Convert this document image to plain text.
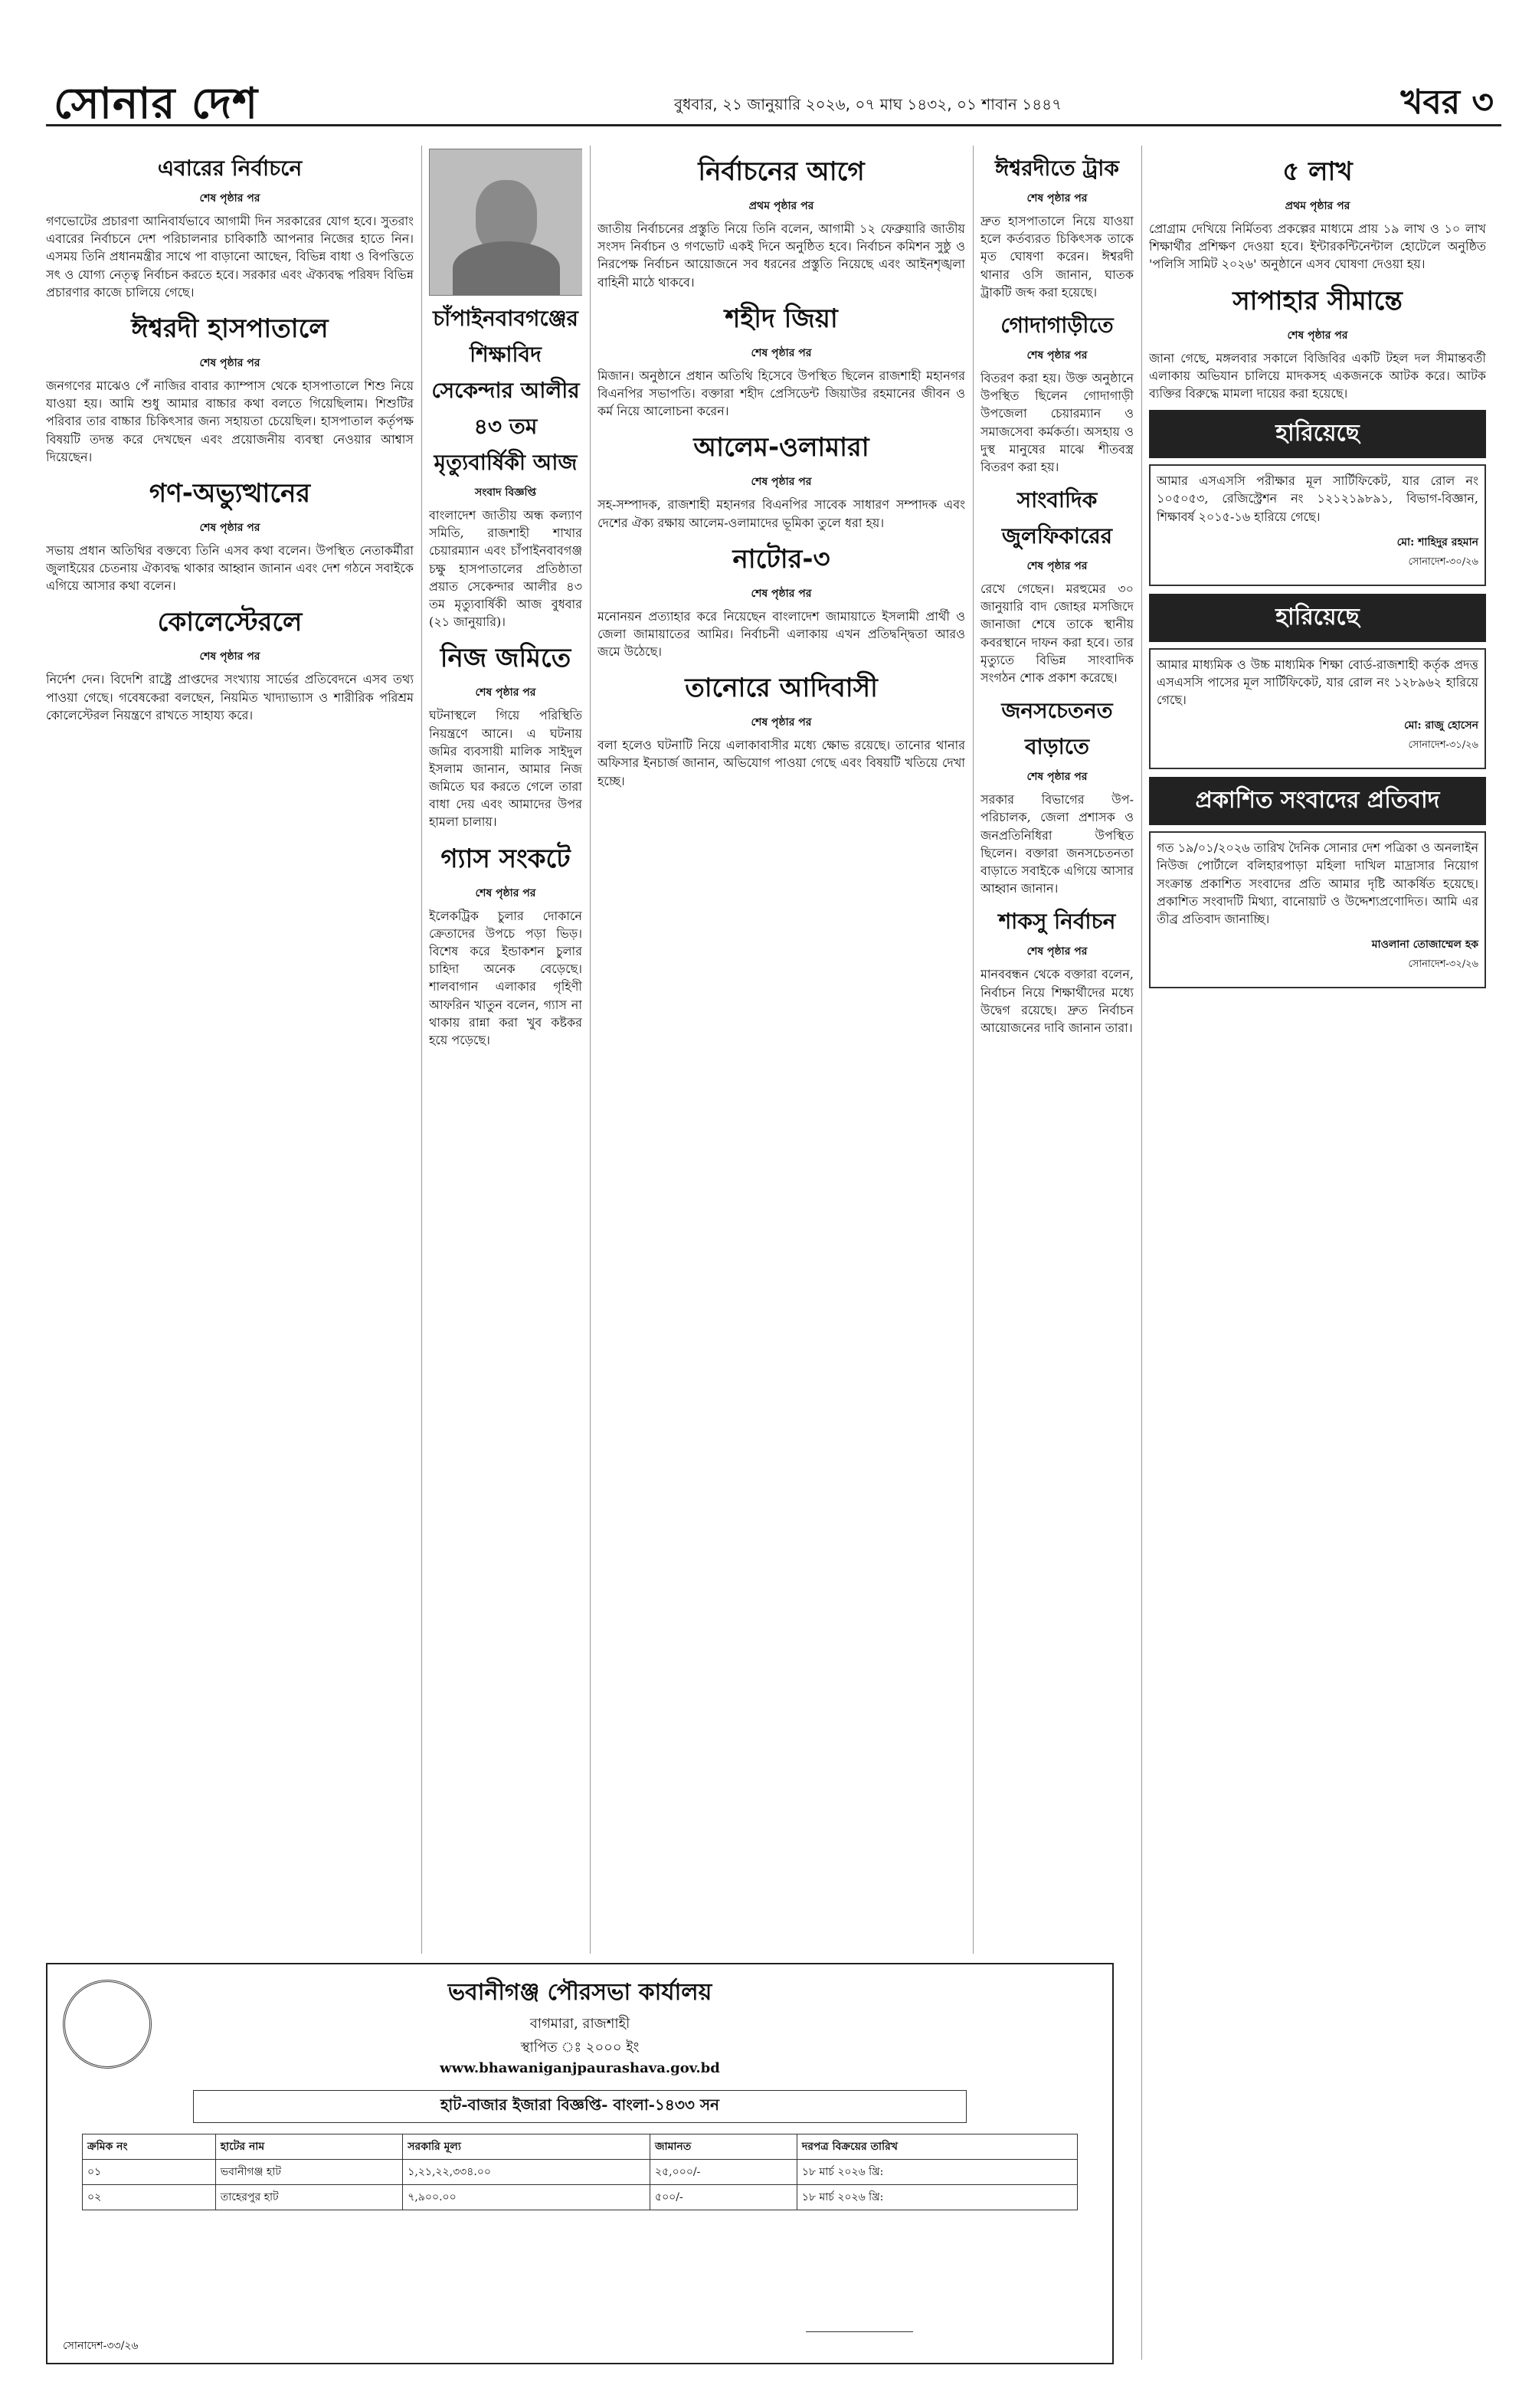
সোনার দেশ	বুধবার, ২১ জানুয়ারি ২০২৬, ০৭ মাঘ ১৪৩২, ০১ শাবান ১৪৪৭	খবর ৩
এবারের নির্বাচনে
শেষ পৃষ্ঠার পর

গণভোটের প্রচারণা আনিবার্যভাবে আগামী দিন সরকারের যোগ হবে। সুতরাং এবারের নির্বাচনে দেশ পরিচালনার চাবিকাঠি আপনার নিজের হাতে নিন। এসময় তিনি প্রধানমন্ত্রীর সাথে পা বাড়ানো আছেন, বিভিন্ন বাধা ও বিপত্তিতে সৎ ও যোগ্য নেতৃত্ব নির্বাচন করতে হবে। সরকার এবং ঐক্যবদ্ধ পরিষদ বিভিন্ন প্রচারণার কাজে চালিয়ে গেছে।

ঈশ্বরদী হাসপাতালে
শেষ পৃষ্ঠার পর

জনগণের মাঝেও পেঁ নাজির বাবার ক্যাম্পাস থেকে হাসপাতালে শিশু নিয়ে যাওয়া হয়। আমি শুধু আমার বাচ্চার কথা বলতে গিয়েছিলাম। শিশুটির পরিবার তার বাচ্চার চিকিৎসার জন্য সহায়তা চেয়েছিল। হাসপাতাল কর্তৃপক্ষ বিষয়টি তদন্ত করে দেখছেন এবং প্রয়োজনীয় ব্যবস্থা নেওয়ার আশ্বাস দিয়েছেন।

গণ-অভ্যুত্থানের
শেষ পৃষ্ঠার পর

সভায় প্রধান অতিথির বক্তব্যে তিনি এসব কথা বলেন। উপস্থিত নেতাকর্মীরা জুলাইয়ের চেতনায় ঐক্যবদ্ধ থাকার আহ্বান জানান এবং দেশ গঠনে সবাইকে এগিয়ে আসার কথা বলেন।

কোলেস্টেরলে
শেষ পৃষ্ঠার পর

নির্দেশ দেন। বিদেশি রাষ্ট্রে প্রাপ্তদের সংখ্যায় সার্ভের প্রতিবেদনে এসব তথ্য পাওয়া গেছে। গবেষকেরা বলছেন, নিয়মিত খাদ্যাভ্যাস ও শারীরিক পরিশ্রম কোলেস্টেরল নিয়ন্ত্রণে রাখতে সাহায্য করে।

চাঁপাইনবাবগঞ্জের শিক্ষাবিদ সেকেন্দার আলীর ৪৩ তম মৃত্যুবার্ষিকী আজ
সংবাদ বিজ্ঞপ্তি

বাংলাদেশ জাতীয় অন্ধ কল্যাণ সমিতি, রাজশাহী শাখার চেয়ারম্যান এবং চাঁপাইনবাবগঞ্জ চক্ষু হাসপাতালের প্রতিষ্ঠাতা প্রয়াত সেকেন্দার আলীর ৪৩ তম মৃত্যুবার্ষিকী আজ বুধবার (২১ জানুয়ারি)।

নিজ জমিতে
শেষ পৃষ্ঠার পর

ঘটনাস্থলে গিয়ে পরিস্থিতি নিয়ন্ত্রণে আনে। এ ঘটনায় জমির ব্যবসায়ী মালিক সাইদুল ইসলাম জানান, আমার নিজ জমিতে ঘর করতে গেলে তারা বাধা দেয় এবং আমাদের উপর হামলা চালায়।

গ্যাস সংকটে
শেষ পৃষ্ঠার পর

ইলেকট্রিক চুলার দোকানে ক্রেতাদের উপচে পড়া ভিড়। বিশেষ করে ইন্ডাকশন চুলার চাহিদা অনেক বেড়েছে। শালবাগান এলাকার গৃহিণী আফরিন খাতুন বলেন, গ্যাস না থাকায় রান্না করা খুব কষ্টকর হয়ে পড়েছে।

নির্বাচনের আগে
প্রথম পৃষ্ঠার পর

জাতীয় নির্বাচনের প্রস্তুতি নিয়ে তিনি বলেন, আগামী ১২ ফেব্রুয়ারি জাতীয় সংসদ নির্বাচন ও গণভোট একই দিনে অনুষ্ঠিত হবে। নির্বাচন কমিশন সুষ্ঠু ও নিরপেক্ষ নির্বাচন আয়োজনে সব ধরনের প্রস্তুতি নিয়েছে এবং আইনশৃঙ্খলা বাহিনী মাঠে থাকবে।

শহীদ জিয়া
শেষ পৃষ্ঠার পর

মিজান। অনুষ্ঠানে প্রধান অতিথি হিসেবে উপস্থিত ছিলেন রাজশাহী মহানগর বিএনপির সভাপতি। বক্তারা শহীদ প্রেসিডেন্ট জিয়াউর রহমানের জীবন ও কর্ম নিয়ে আলোচনা করেন।

আলেম-ওলামারা
শেষ পৃষ্ঠার পর

সহ-সম্পাদক, রাজশাহী মহানগর বিএনপির সাবেক সাধারণ সম্পাদক এবং দেশের ঐক্য রক্ষায় আলেম-ওলামাদের ভূমিকা তুলে ধরা হয়।

নাটোর-৩
শেষ পৃষ্ঠার পর

মনোনয়ন প্রত্যাহার করে নিয়েছেন বাংলাদেশ জামায়াতে ইসলামী প্রার্থী ও জেলা জামায়াতের আমির। নির্বাচনী এলাকায় এখন প্রতিদ্বন্দ্বিতা আরও জমে উঠেছে।

তানোরে আদিবাসী
শেষ পৃষ্ঠার পর

বলা হলেও ঘটনাটি নিয়ে এলাকাবাসীর মধ্যে ক্ষোভ রয়েছে। তানোর থানার অফিসার ইনচার্জ জানান, অভিযোগ পাওয়া গেছে এবং বিষয়টি খতিয়ে দেখা হচ্ছে।

ঈশ্বরদীতে ট্রাক
শেষ পৃষ্ঠার পর

দ্রুত হাসপাতালে নিয়ে যাওয়া হলে কর্তব্যরত চিকিৎসক তাকে মৃত ঘোষণা করেন। ঈশ্বরদী থানার ওসি জানান, ঘাতক ট্রাকটি জব্দ করা হয়েছে।

গোদাগাড়ীতে
শেষ পৃষ্ঠার পর

বিতরণ করা হয়। উক্ত অনুষ্ঠানে উপস্থিত ছিলেন গোদাগাড়ী উপজেলা চেয়ারম্যান ও সমাজসেবা কর্মকর্তা। অসহায় ও দুস্থ মানুষের মাঝে শীতবস্ত্র বিতরণ করা হয়।

সাংবাদিক জুলফিকারের
শেষ পৃষ্ঠার পর

রেখে গেছেন। মরহুমের ৩০ জানুয়ারি বাদ জোহর মসজিদে জানাজা শেষে তাকে স্থানীয় কবরস্থানে দাফন করা হবে। তার মৃত্যুতে বিভিন্ন সাংবাদিক সংগঠন শোক প্রকাশ করেছে।

জনসচেতনত বাড়াতে
শেষ পৃষ্ঠার পর

সরকার বিভাগের উপ-পরিচালক, জেলা প্রশাসক ও জনপ্রতিনিধিরা উপস্থিত ছিলেন। বক্তারা জনসচেতনতা বাড়াতে সবাইকে এগিয়ে আসার আহ্বান জানান।

শাকসু নির্বাচন
শেষ পৃষ্ঠার পর

মানববন্ধন থেকে বক্তারা বলেন, নির্বাচন নিয়ে শিক্ষার্থীদের মধ্যে উদ্বেগ রয়েছে। দ্রুত নির্বাচন আয়োজনের দাবি জানান তারা।

৫ লাখ
প্রথম পৃষ্ঠার পর

প্রোগ্রাম দেখিয়ে নির্মিতব্য প্রকল্পের মাধ্যমে প্রায় ১৯ লাখ ও ১০ লাখ শিক্ষার্থীর প্রশিক্ষণ দেওয়া হবে। ইন্টারকন্টিনেন্টাল হোটেলে অনুষ্ঠিত 'পলিসি সামিট ২০২৬' অনুষ্ঠানে এসব ঘোষণা দেওয়া হয়।

সাপাহার সীমান্তে
শেষ পৃষ্ঠার পর

জানা গেছে, মঙ্গলবার সকালে বিজিবির একটি টহল দল সীমান্তবর্তী এলাকায় অভিযান চালিয়ে মাদকসহ একজনকে আটক করে। আটক ব্যক্তির বিরুদ্ধে মামলা দায়ের করা হয়েছে।

হারিয়েছে

আমার এসএসসি পরীক্ষার মূল সার্টিফিকেট, যার রোল নং ১০৫০৫৩, রেজিস্ট্রেশন নং ১২১২১৯৮৯১, বিভাগ-বিজ্ঞান, শিক্ষাবর্ষ ২০১৫-১৬ হারিয়ে গেছে।

মো: শাহিদুর রহমান
সোনাদেশ-৩০/২৬
হারিয়েছে

আমার মাধ্যমিক ও উচ্চ মাধ্যমিক শিক্ষা বোর্ড-রাজশাহী কর্তৃক প্রদত্ত এসএসসি পাসের মূল সার্টিফিকেট, যার রোল নং ১২৮৯৬২ হারিয়ে গেছে।

মো: রাজু হোসেন
সোনাদেশ-৩১/২৬
প্রকাশিত সংবাদের প্রতিবাদ

গত ১৯/০১/২০২৬ তারিখ দৈনিক সোনার দেশ পত্রিকা ও অনলাইন নিউজ পোর্টালে বলিহারপাড়া মহিলা দাখিল মাদ্রাসার নিয়োগ সংক্রান্ত প্রকাশিত সংবাদের প্রতি আমার দৃষ্টি আকর্ষিত হয়েছে। প্রকাশিত সংবাদটি মিথ্যা, বানোয়াট ও উদ্দেশ্যপ্রণোদিত। আমি এর তীব্র প্রতিবাদ জানাচ্ছি।

মাওলানা তোজাম্মেল হক
সোনাদেশ-৩২/২৬
ভবানীগঞ্জ পৌরসভা কার্যালয়
বাগমারা, রাজশাহী
স্থাপিত ঃ ২০০০ ইং
www.bhawaniganjpaurashava.gov.bd
হাট-বাজার ইজারা বিজ্ঞপ্তি- বাংলা-১৪৩৩ সন
ক্রমিক নং	হাটের নাম	সরকারি মূল্য	জামানত	দরপত্র বিক্রয়ের তারিখ
০১	ভবানীগঞ্জ হাট	১,২১,২২,৩৩৪.০০	২৫,০০০/-	১৮ মার্চ ২০২৬ খ্রি:
০২	তাহেরপুর হাট	৭,৯০০.০০	৫০০/-	১৮ মার্চ ২০২৬ খ্রি:
সোনাদেশ-৩৩/২৬
